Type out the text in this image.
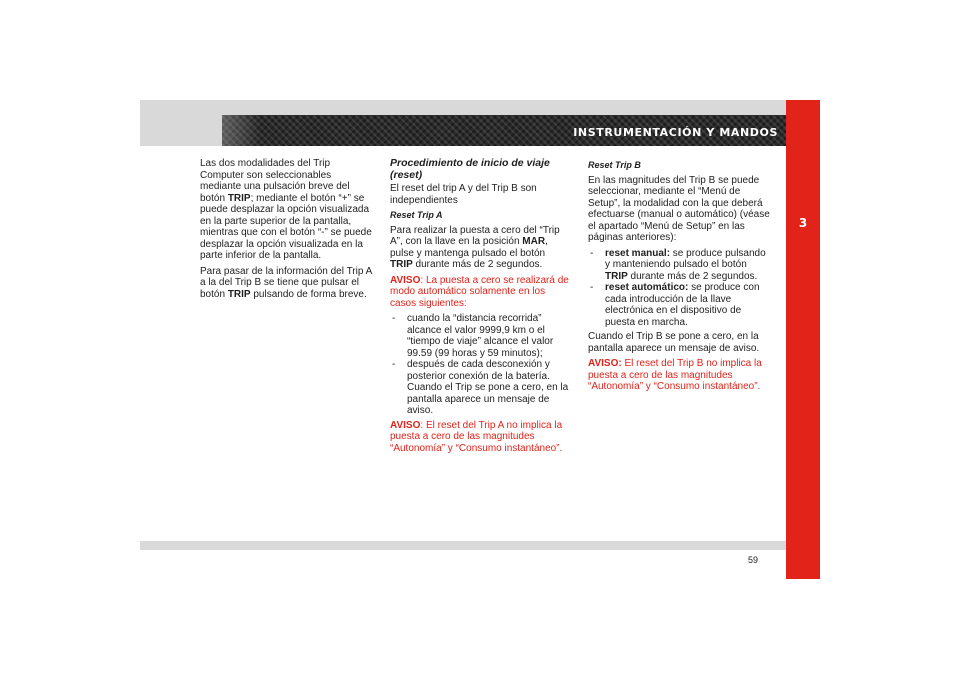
INSTRUMENTACIÓN Y MANDOS
3

Las dos modalidades del Trip Computer son seleccionables mediante una pulsación breve del botón TRIP; mediante el botón “+” se puede desplazar la opción visualizada en la parte superior de la pantalla, mientras que con el botón “-” se puede desplazar la opción visualizada en la parte inferior de la pantalla.

Para pasar de la información del Trip A a la del Trip B se tiene que pulsar el botón TRIP pulsando de forma breve.

Procedimiento de inicio de viaje (reset)

El reset del trip A y del Trip B son independientes

Reset Trip A

Para realizar la puesta a cero del “Trip A”, con la llave en la posición MAR, pulse y mantenga pulsado el botón TRIP durante más de 2 segundos.

AVISO: La puesta a cero se realizará de modo automático solamente en los casos siguientes:

- cuando la “distancia recorrida” alcance el valor 9999,9 km o el “tiempo de viaje” alcance el valor 99.59 (99 horas y 59 minutos);
- después de cada desconexión y posterior conexión de la batería. Cuando el Trip se pone a cero, en la pantalla aparece un mensaje de aviso.

AVISO: El reset del Trip A no implica la puesta a cero de las magnitudes “Autonomía” y “Consumo instantáneo”.

Reset Trip B

En las magnitudes del Trip B se puede seleccionar, mediante el “Menú de Setup”, la modalidad con la que deberá efectuarse (manual o automático) (véase el apartado “Menú de Setup” en las páginas anteriores):

- reset manual: se produce pulsando y manteniendo pulsado el botón TRIP durante más de 2 segundos.
- reset automático: se produce con cada introducción de la llave electrónica en el dispositivo de puesta en marcha.

Cuando el Trip B se pone a cero, en la pantalla aparece un mensaje de aviso.

AVISO: El reset del Trip B no implica la puesta a cero de las magnitudes “Autonomía” y “Consumo instantáneo”.

59
